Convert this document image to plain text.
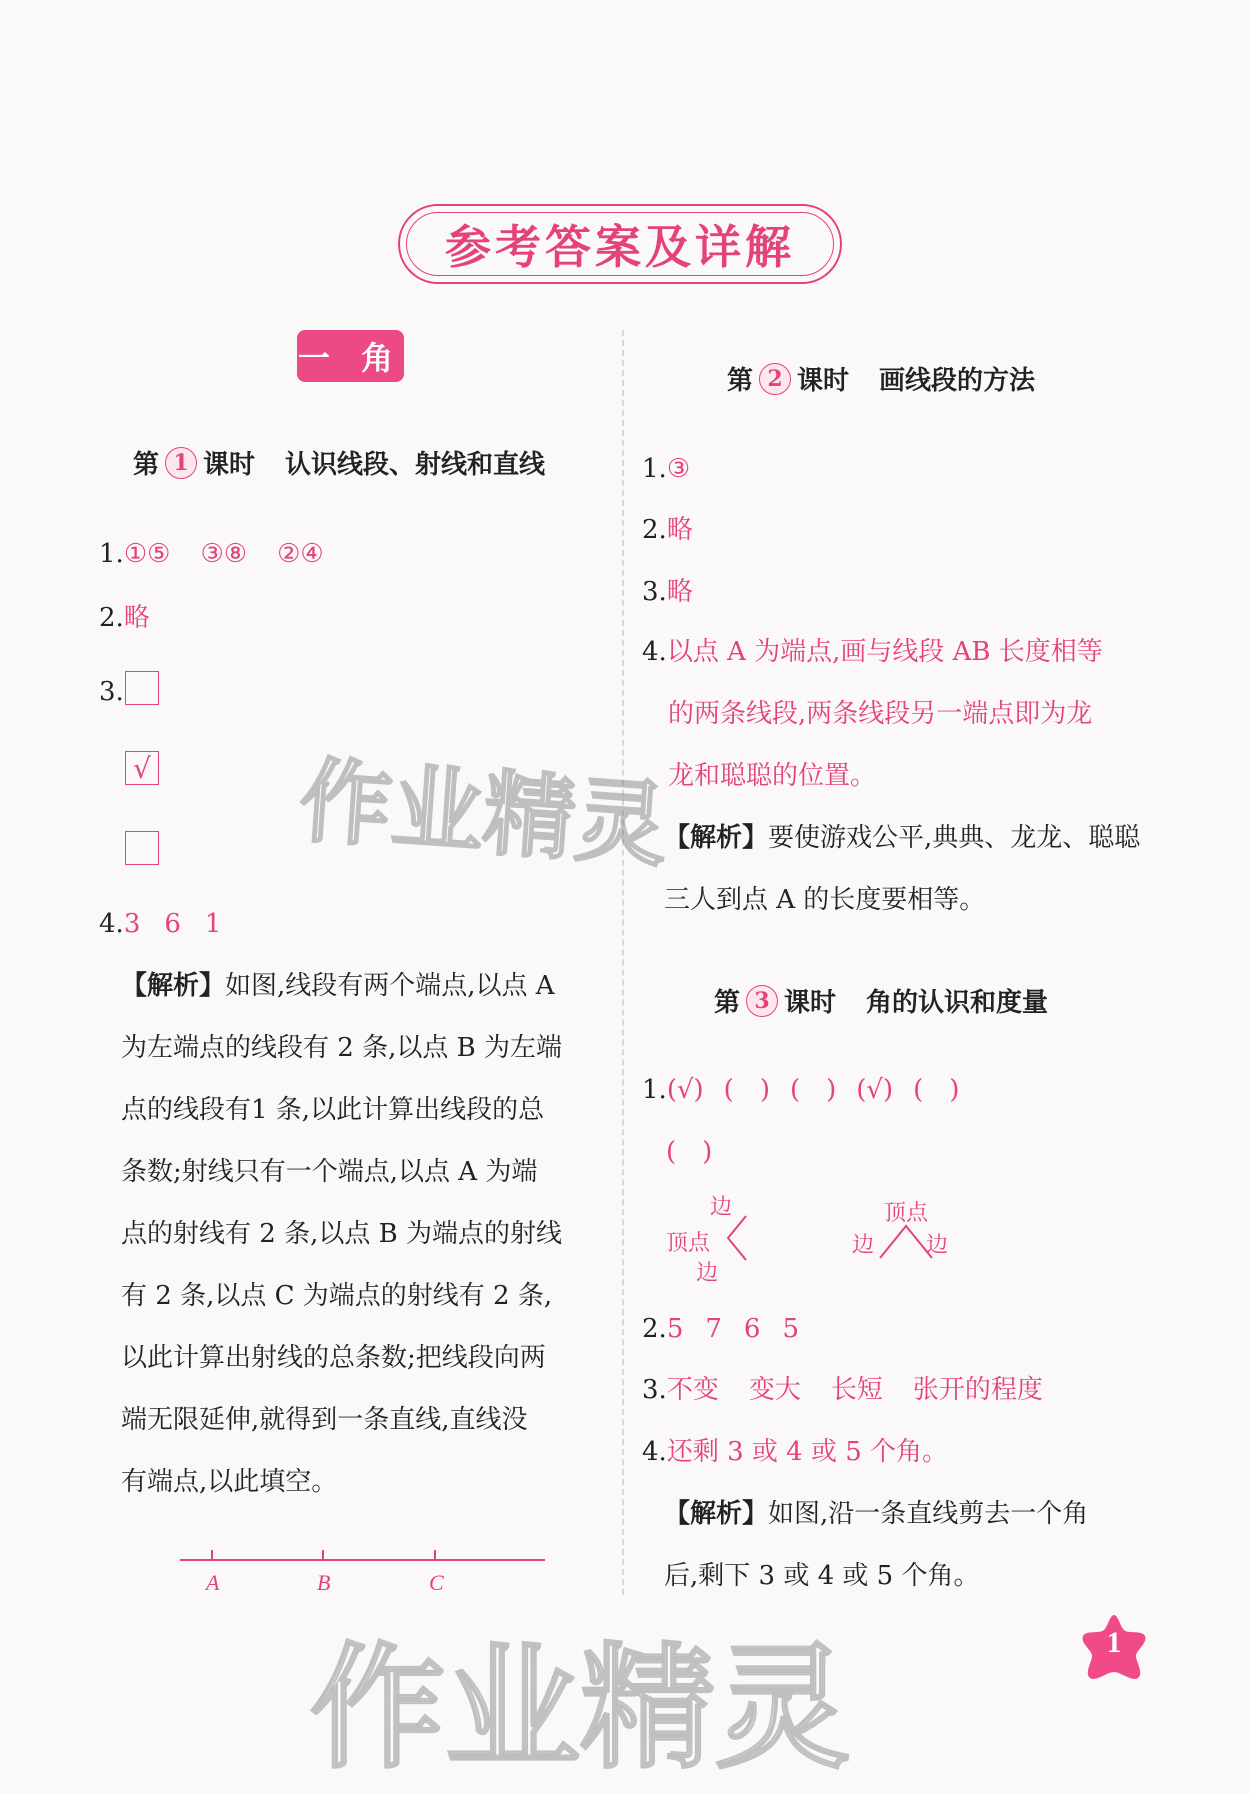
参考答案及详解
一 角
第 1 课时 认识线段、射线和直线
1.①⑤ ③⑧ ②④
2.略
3.
√
4.3 6 1
【解析】如图,线段有两个端点,以点 A
为左端点的线段有 2 条,以点 B 为左端
点的线段有1 条,以此计算出线段的总
条数;射线只有一个端点,以点 A 为端
点的射线有 2 条,以点 B 为端点的射线
有 2 条,以点 C 为端点的射线有 2 条,
以此计算出射线的总条数;把线段向两
端无限延伸,就得到一条直线,直线没
有端点,以此填空。
A	B	C
第 2 课时 画线段的方法
1.③
2.略
3.略
4.以点 A 为端点,画与线段 AB 长度相等
的两条线段,两条线段另一端点即为龙
龙和聪聪的位置。
【解析】要使游戏公平,典典、龙龙、聪聪
三人到点 A 的长度要相等。
第 3 课时 角的认识和度量
1.(√) (　) (　) (√) (　)
(　)
边
顶点
边
顶点
边 边
2.5 7 6 5
3.不变 变大 长短 张开的程度
4.还剩 3 或 4 或 5 个角。
【解析】如图,沿一条直线剪去一个角
后,剩下 3 或 4 或 5 个角。
作业精灵
作业精灵	1
